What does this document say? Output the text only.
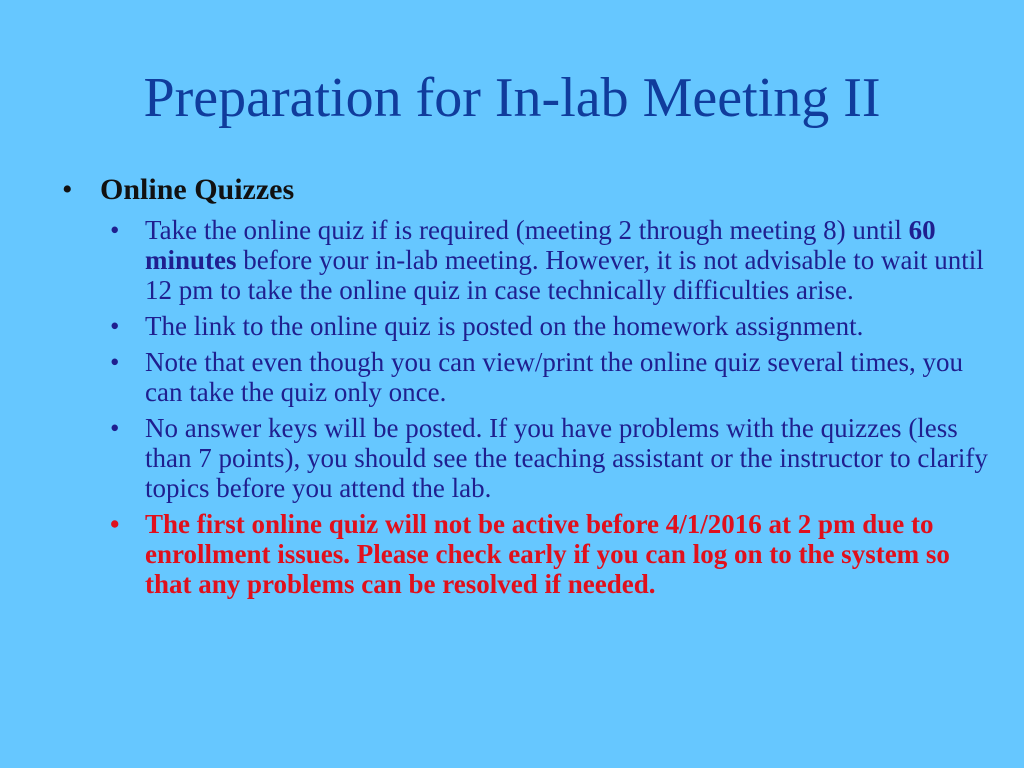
Preparation for In-lab Meeting II
• Online Quizzes
• Take the online quiz if is required (meeting 2 through meeting 8) until 60 minutes before your in-lab meeting. However, it is not advisable to wait until 12 pm to take the online quiz in case technically difficulties arise.
• The link to the online quiz is posted on the homework assignment.
• Note that even though you can view/print the online quiz several times, you can take the quiz only once.
• No answer keys will be posted. If you have problems with the quizzes (less than 7 points), you should see the teaching assistant or the instructor to clarify topics before you attend the lab.
• The first online quiz will not be active before 4/1/2016 at 2 pm due to enrollment issues. Please check early if you can log on to the system so that any problems can be resolved if needed.
